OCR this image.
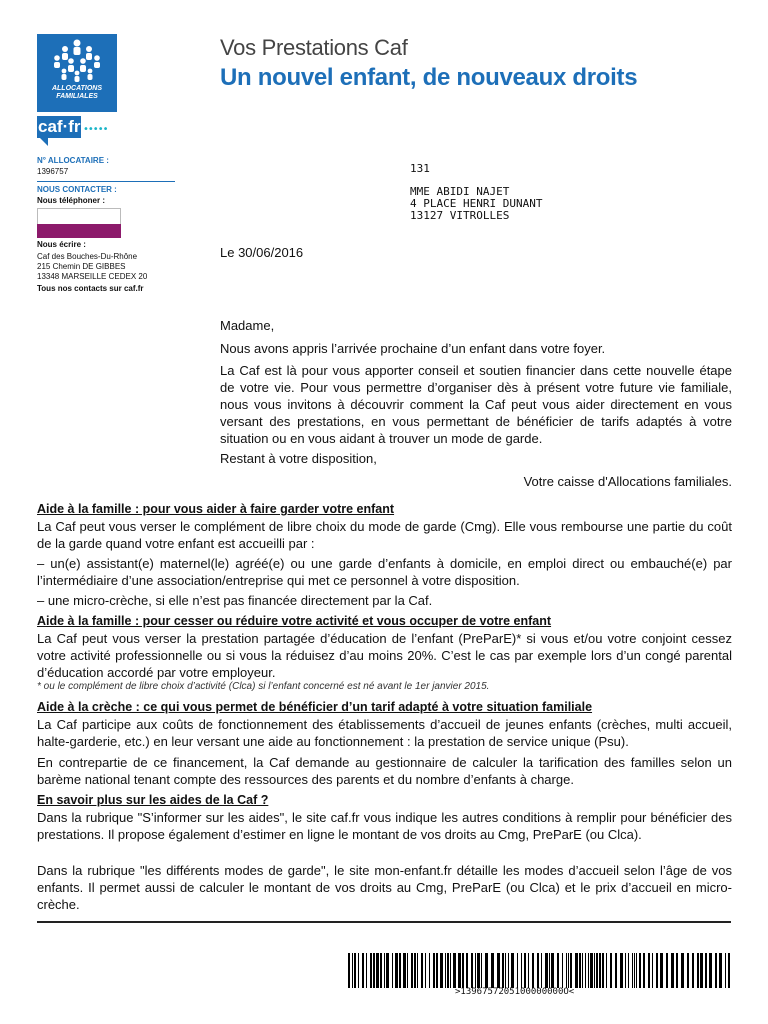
ALLOCATIONS
FAMILIALES
caf·fr •••••
Vos Prestations Caf
Un nouvel enfant, de nouveaux droits
N° ALLOCATAIRE :
1396757
NOUS CONTACTER :
Nous téléphoner :
Nous écrire :
Caf des Bouches-Du-Rhône
215 Chemin DE GIBBES
13348 MARSEILLE CEDEX 20
Tous nos contacts sur caf.fr
131
MME ABIDI NAJET
4 PLACE HENRI DUNANT
13127 VITROLLES
Le 30/06/2016
Madame,
Nous avons appris l’arrivée prochaine d’un enfant dans votre foyer.
La Caf est là pour vous apporter conseil et soutien financier dans cette nouvelle étape de votre vie. Pour vous permettre d’organiser dès à présent votre future vie familiale, nous vous invitons à découvrir comment la Caf peut vous aider directement en vous versant des prestations, en vous permettant de bénéficier de tarifs adaptés à votre situation ou en vous aidant à trouver un mode de garde.
Restant à votre disposition,
Votre caisse d'Allocations familiales.
Aide à la famille : pour vous aider à faire garder votre enfant
La Caf peut vous verser le complément de libre choix du mode de garde (Cmg). Elle vous rembourse une partie du coût de la garde quand votre enfant est accueilli par :
– un(e) assistant(e) maternel(le) agréé(e) ou une garde d’enfants à domicile, en emploi direct ou embauché(e) par l’intermédiaire d’une association/entreprise qui met ce personnel à votre disposition.
– une micro-crèche, si elle n’est pas financée directement par la Caf.
Aide à la famille : pour cesser ou réduire votre activité et vous occuper de votre enfant
La Caf peut vous verser la prestation partagée d’éducation de l’enfant (PreParE)* si vous et/ou votre conjoint cessez votre activité professionnelle ou si vous la réduisez d’au moins 20%. C’est le cas par exemple lors d’un congé parental d’éducation accordé par votre employeur.
* ou le complément de libre choix d’activité (Clca) si l’enfant concerné est né avant le 1er janvier 2015.
Aide à la crèche : ce qui vous permet de bénéficier d’un tarif adapté à votre situation familiale
La Caf participe aux coûts de fonctionnement des établissements d’accueil de jeunes enfants (crèches, multi accueil, halte-garderie, etc.) en leur versant une aide au fonctionnement : la prestation de service unique (Psu).
En contrepartie de ce financement, la Caf demande au gestionnaire de calculer la tarification des familles selon un barème national tenant compte des ressources des parents et du nombre d’enfants à charge.
En savoir plus sur les aides de la Caf ?
Dans la rubrique "S’informer sur les aides", le site caf.fr vous indique les autres conditions à remplir pour bénéficier des prestations. Il propose également d’estimer en ligne le montant de vos droits au Cmg, PreParE (ou Clca).
Dans la rubrique "les différents modes de garde", le site mon-enfant.fr détaille les modes d’accueil selon l’âge de vos enfants. Il permet aussi de calculer le montant de vos droits au Cmg, PreParE (ou Clca) et le prix d’accueil en micro-crèche.
>1396757205100000000O<
